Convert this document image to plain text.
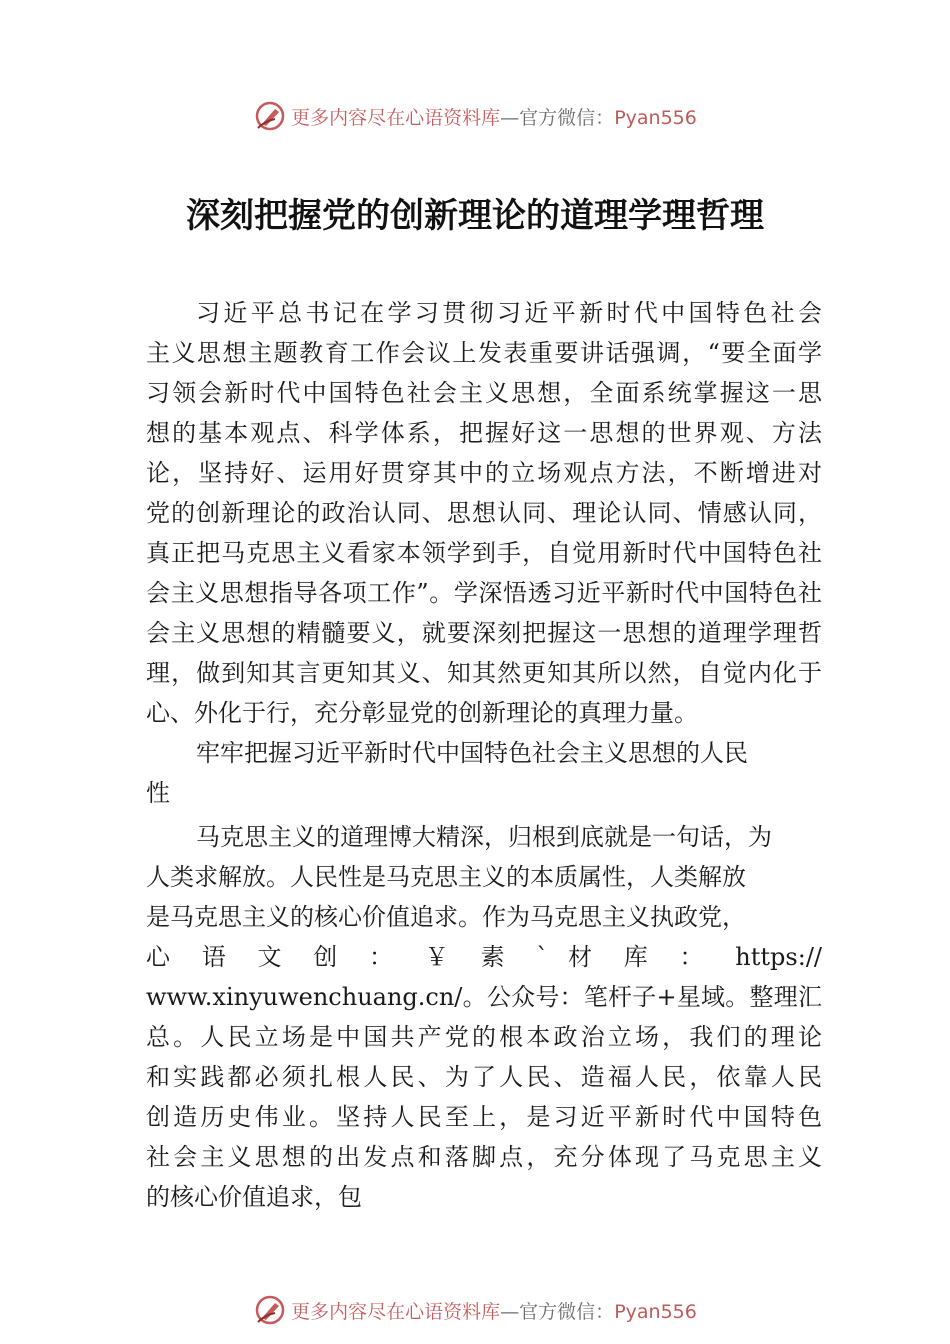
更多内容尽在心语资料库—官方微信：Pyan556
深刻把握党的创新理论的道理学理哲理
习近平总书记在学习贯彻习近平新时代中国特色社会
主义思想主题教育工作会议上发表重要讲话强调，“要全面学
习领会新时代中国特色社会主义思想，全面系统掌握这一思
想的基本观点、科学体系，把握好这一思想的世界观、方法
论，坚持好、运用好贯穿其中的立场观点方法，不断增进对
党的创新理论的政治认同、思想认同、理论认同、情感认同，
真正把马克思主义看家本领学到手，自觉用新时代中国特色社
会主义思想指导各项工作”。学深悟透习近平新时代中国特色社
会主义思想的精髓要义，就要深刻把握这一思想的道理学理哲
理，做到知其言更知其义、知其然更知其所以然，自觉内化于
心、外化于行，充分彰显党的创新理论的真理力量。
牢牢把握习近平新时代中国特色社会主义思想的人民
性
马克思主义的道理博大精深，归根到底就是一句话，为
人类求解放。人民性是马克思主义的本质属性，人类解放
是马克思主义的核心价值追求。作为马克思主义执政党，
心 语 文 创 ： ￥ 素 ` 材 库 ： https://
www.xinyuwenchuang.cn/。公众号：笔杆子+星域。整理汇
总。人民立场是中国共产党的根本政治立场，我们的理论
和实践都必须扎根人民、为了人民、造福人民，依靠人民
创造历史伟业。坚持人民至上，是习近平新时代中国特色
社会主义思想的出发点和落脚点，充分体现了马克思主义
的核心价值追求，包
更多内容尽在心语资料库—官方微信：Pyan556
